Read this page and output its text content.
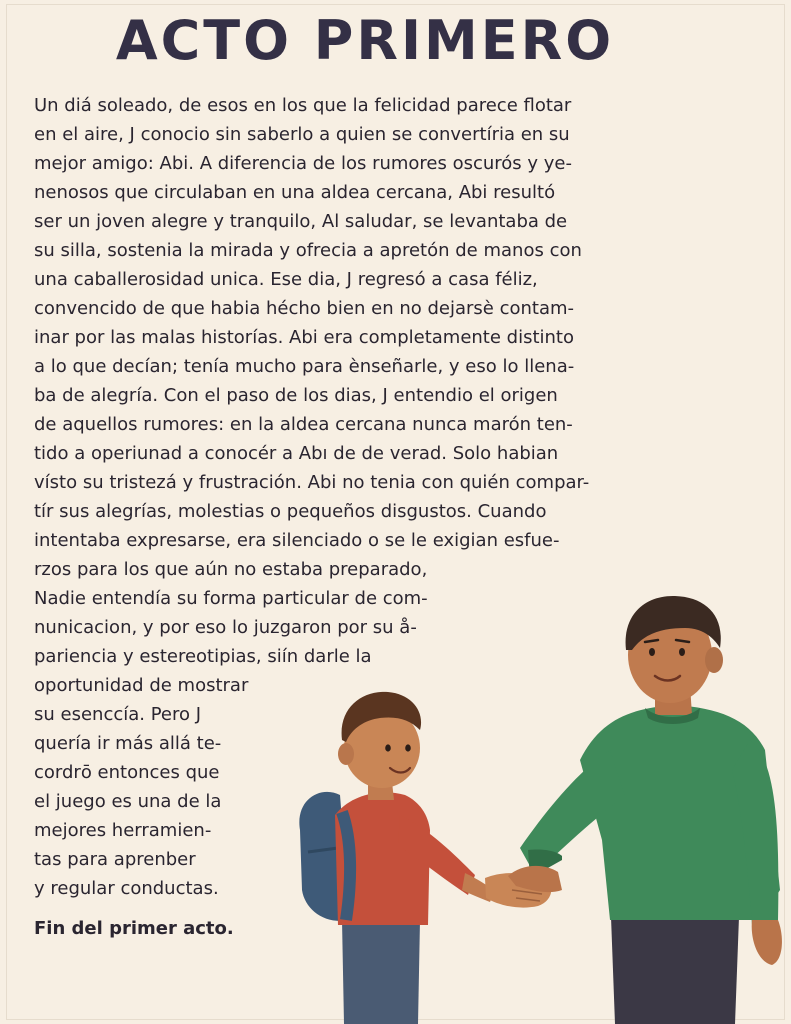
ACTO PRIMERO

Un diá soleado, de esos en los que la felicidad parece flotar

en el aire, J conocio sin saberlo a quien se convertíria en su

mejor amigo: Abi. A diferencia de los rumores oscurós y ye-

nenosos que circulaban en una aldea cercana, Abi resultó

ser un joven alegre y tranquilo, Al saludar, se levantaba de

su silla, sostenia la mirada y ofrecia a apretón de manos con

una caballerosidad unica. Ese dia, J regresó a casa féliz,

convencido de que habia hécho bien en no dejarsè contam-

inar por las malas historías. Abi era completamente distinto

a lo que decían; tenía mucho para ènseñarle, y eso lo llena-

ba de alegría. Con el paso de los dias, J entendio el origen

de aquellos rumores: en la aldea cercana nunca marón ten-

tido a operiunad a conocér a Abı de de verad. Solo habian

vísto su tristezá y frustración. Abi no tenia con quién compar-

tír sus alegrías, molestias o pequeños disgustos. Cuando

intentaba expresarse, era silenciado o se le exigian esfue-

rzos para los que aún no estaba preparado,

Nadie entendía su forma particular de com-

nunicacion, y por eso lo juzgaron por su å-

pariencia y estereotipias, siín darle la

oportunidad de mostrar

su esenccía. Pero J

quería ir más allá te-

cordrō entonces que

el juego es una de la

mejores herramien-

tas para aprenber

y regular conductas.

Fin del primer acto.
